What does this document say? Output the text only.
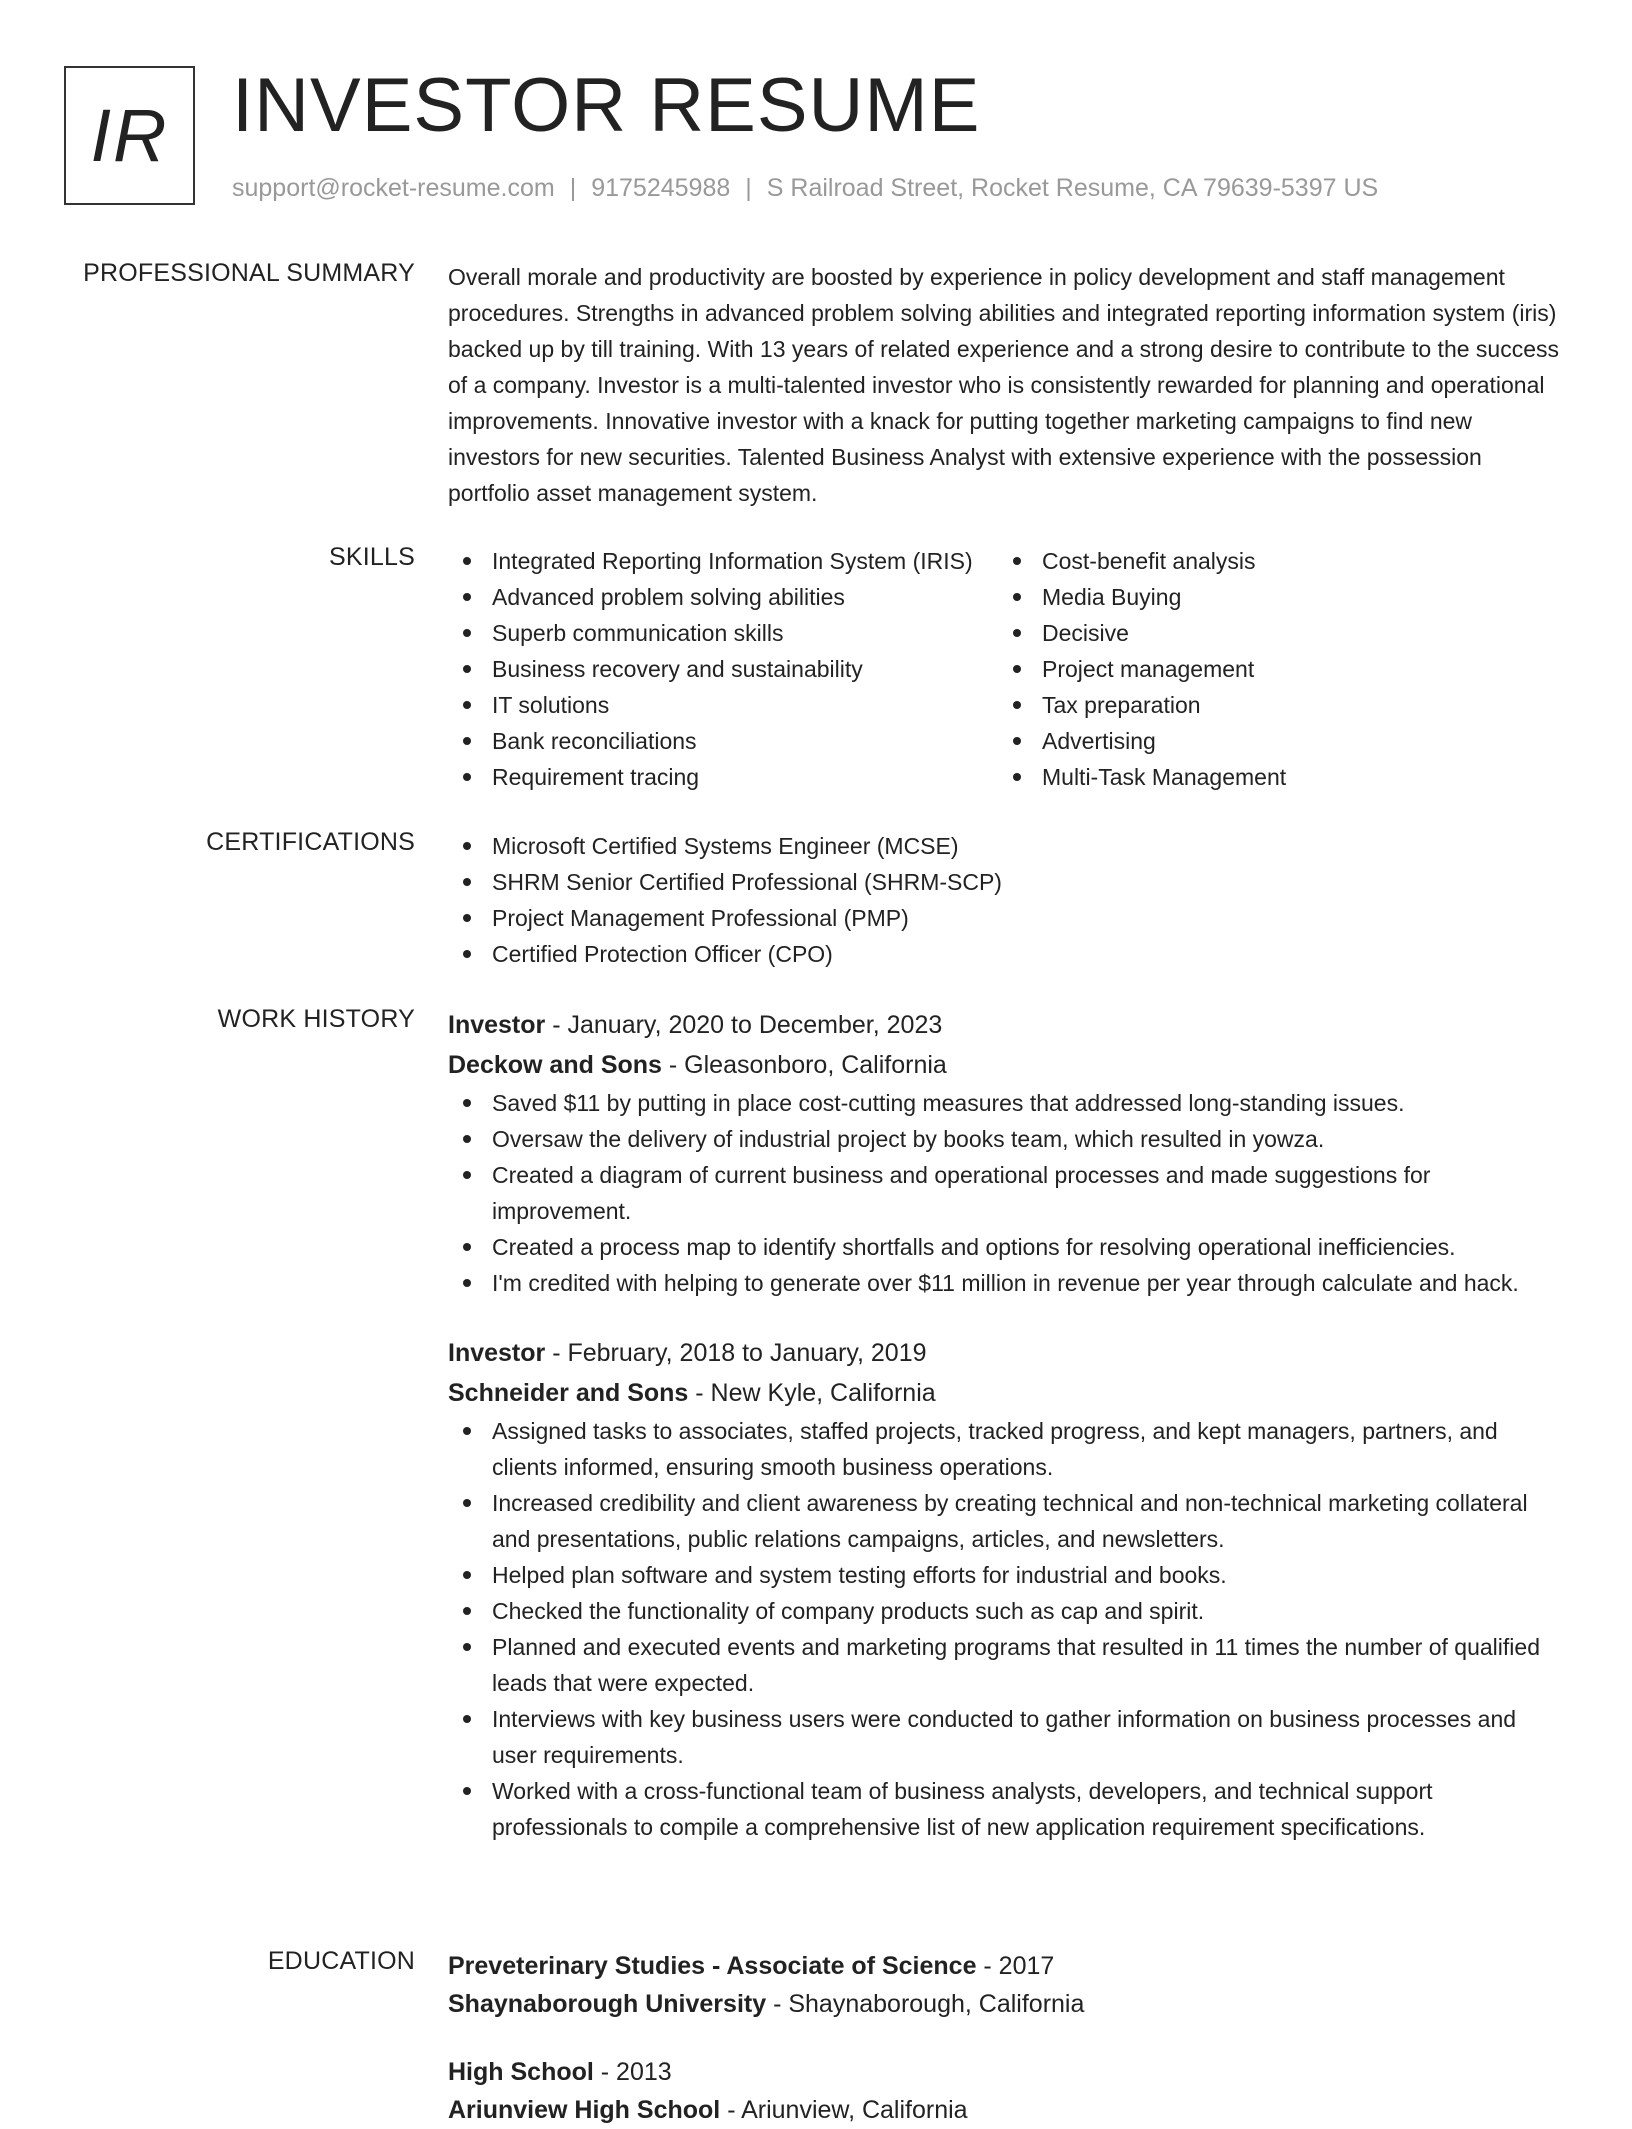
IR INVESTOR RESUME
support@rocket-resume.com | 9175245988 | S Railroad Street, Rocket Resume, CA 79639-5397 US
PROFESSIONAL SUMMARY Overall morale and productivity are boosted by experience in policy development and staff management procedures. Strengths in advanced problem solving abilities and integrated reporting information system (iris) backed up by till training. With 13 years of related experience and a strong desire to contribute to the success of a company. Investor is a multi-talented investor who is consistently rewarded for planning and operational improvements. Innovative investor with a knack for putting together marketing campaigns to find new investors for new securities. Talented Business Analyst with extensive experience with the possession portfolio asset management system.

SKILLS	Integrated Reporting Information System (IRIS)
Advanced problem solving abilities
Superb communication skills
Business recovery and sustainability
IT solutions
Bank reconciliations
Requirement tracing
Cost-benefit analysis
Media Buying
Decisive
Project management
Tax preparation
Advertising
Multi-Task Management
CERTIFICATIONS	Microsoft Certified Systems Engineer (MCSE)
SHRM Senior Certified Professional (SHRM-SCP)
Project Management Professional (PMP)
Certified Protection Officer (CPO)
WORK HISTORY Investor - January, 2020 to December, 2023
Deckow and Sons - Gleasonboro, California
Saved $11 by putting in place cost-cutting measures that addressed long-standing issues.
Oversaw the delivery of industrial project by books team, which resulted in yowza.
Created a diagram of current business and operational processes and made suggestions for improvement.
Created a process map to identify shortfalls and options for resolving operational inefficiencies.
I'm credited with helping to generate over $11 million in revenue per year through calculate and hack.
Investor - February, 2018 to January, 2019
Schneider and Sons - New Kyle, California
Assigned tasks to associates, staffed projects, tracked progress, and kept managers, partners, and clients informed, ensuring smooth business operations.
Increased credibility and client awareness by creating technical and non-technical marketing collateral and presentations, public relations campaigns, articles, and newsletters.
Helped plan software and system testing efforts for industrial and books.
Checked the functionality of company products such as cap and spirit.
Planned and executed events and marketing programs that resulted in 11 times the number of qualified leads that were expected.
Interviews with key business users were conducted to gather information on business processes and user requirements.
Worked with a cross-functional team of business analysts, developers, and technical support professionals to compile a comprehensive list of new application requirement specifications.
EDUCATION Preveterinary Studies - Associate of Science - 2017
Shaynaborough University - Shaynaborough, California
High School - 2013
Ariunview High School - Ariunview, California
